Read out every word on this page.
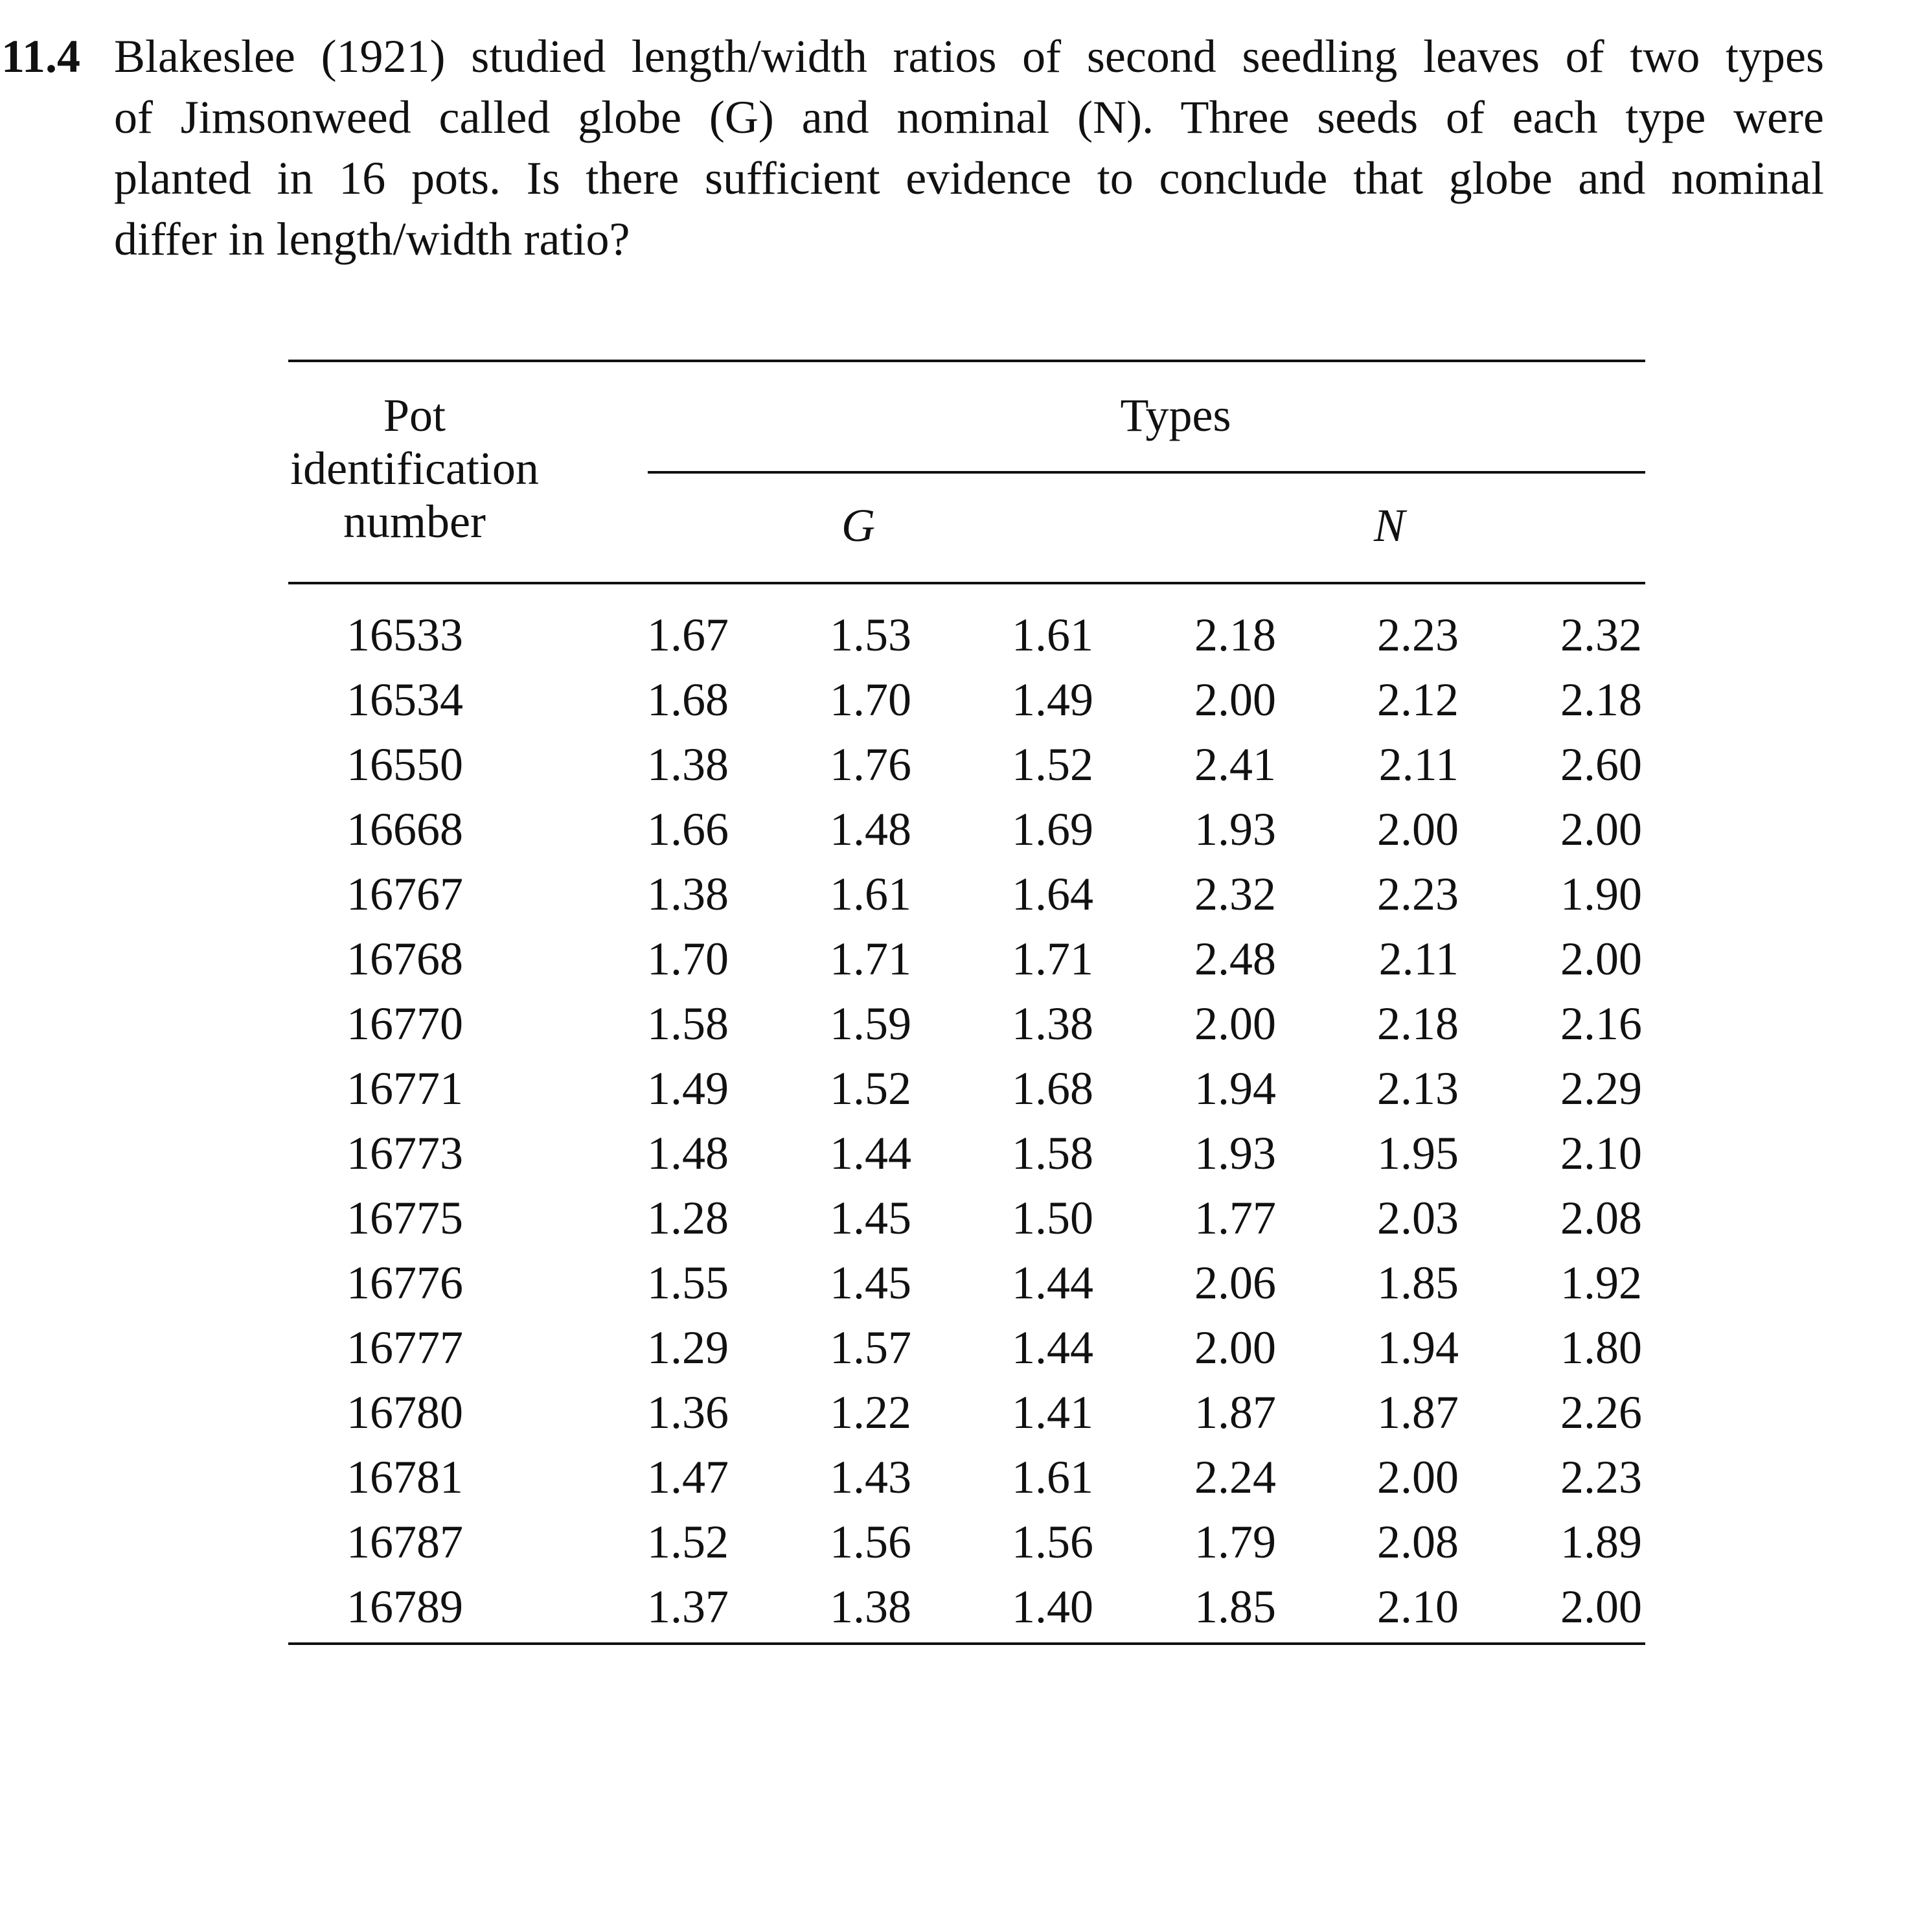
11.4 Blakeslee (1921) studied length/width ratios of second seedling leaves of two types
of Jimsonweed called globe (G) and nominal (N). Three seeds of each type were
planted in 16 pots. Is there sufficient evidence to conclude that globe and nominal
differ in length/width ratio?
Pot
identification
number
Types
G	N
16533	1.67	1.53	1.61	2.18	2.23	2.32
16534	1.68	1.70	1.49	2.00	2.12	2.18
16550	1.38	1.76	1.52	2.41	2.11	2.60
16668	1.66	1.48	1.69	1.93	2.00	2.00
16767	1.38	1.61	1.64	2.32	2.23	1.90
16768	1.70	1.71	1.71	2.48	2.11	2.00
16770	1.58	1.59	1.38	2.00	2.18	2.16
16771	1.49	1.52	1.68	1.94	2.13	2.29
16773	1.48	1.44	1.58	1.93	1.95	2.10
16775	1.28	1.45	1.50	1.77	2.03	2.08
16776	1.55	1.45	1.44	2.06	1.85	1.92
16777	1.29	1.57	1.44	2.00	1.94	1.80
16780	1.36	1.22	1.41	1.87	1.87	2.26
16781	1.47	1.43	1.61	2.24	2.00	2.23
16787	1.52	1.56	1.56	1.79	2.08	1.89
16789	1.37	1.38	1.40	1.85	2.10	2.00
